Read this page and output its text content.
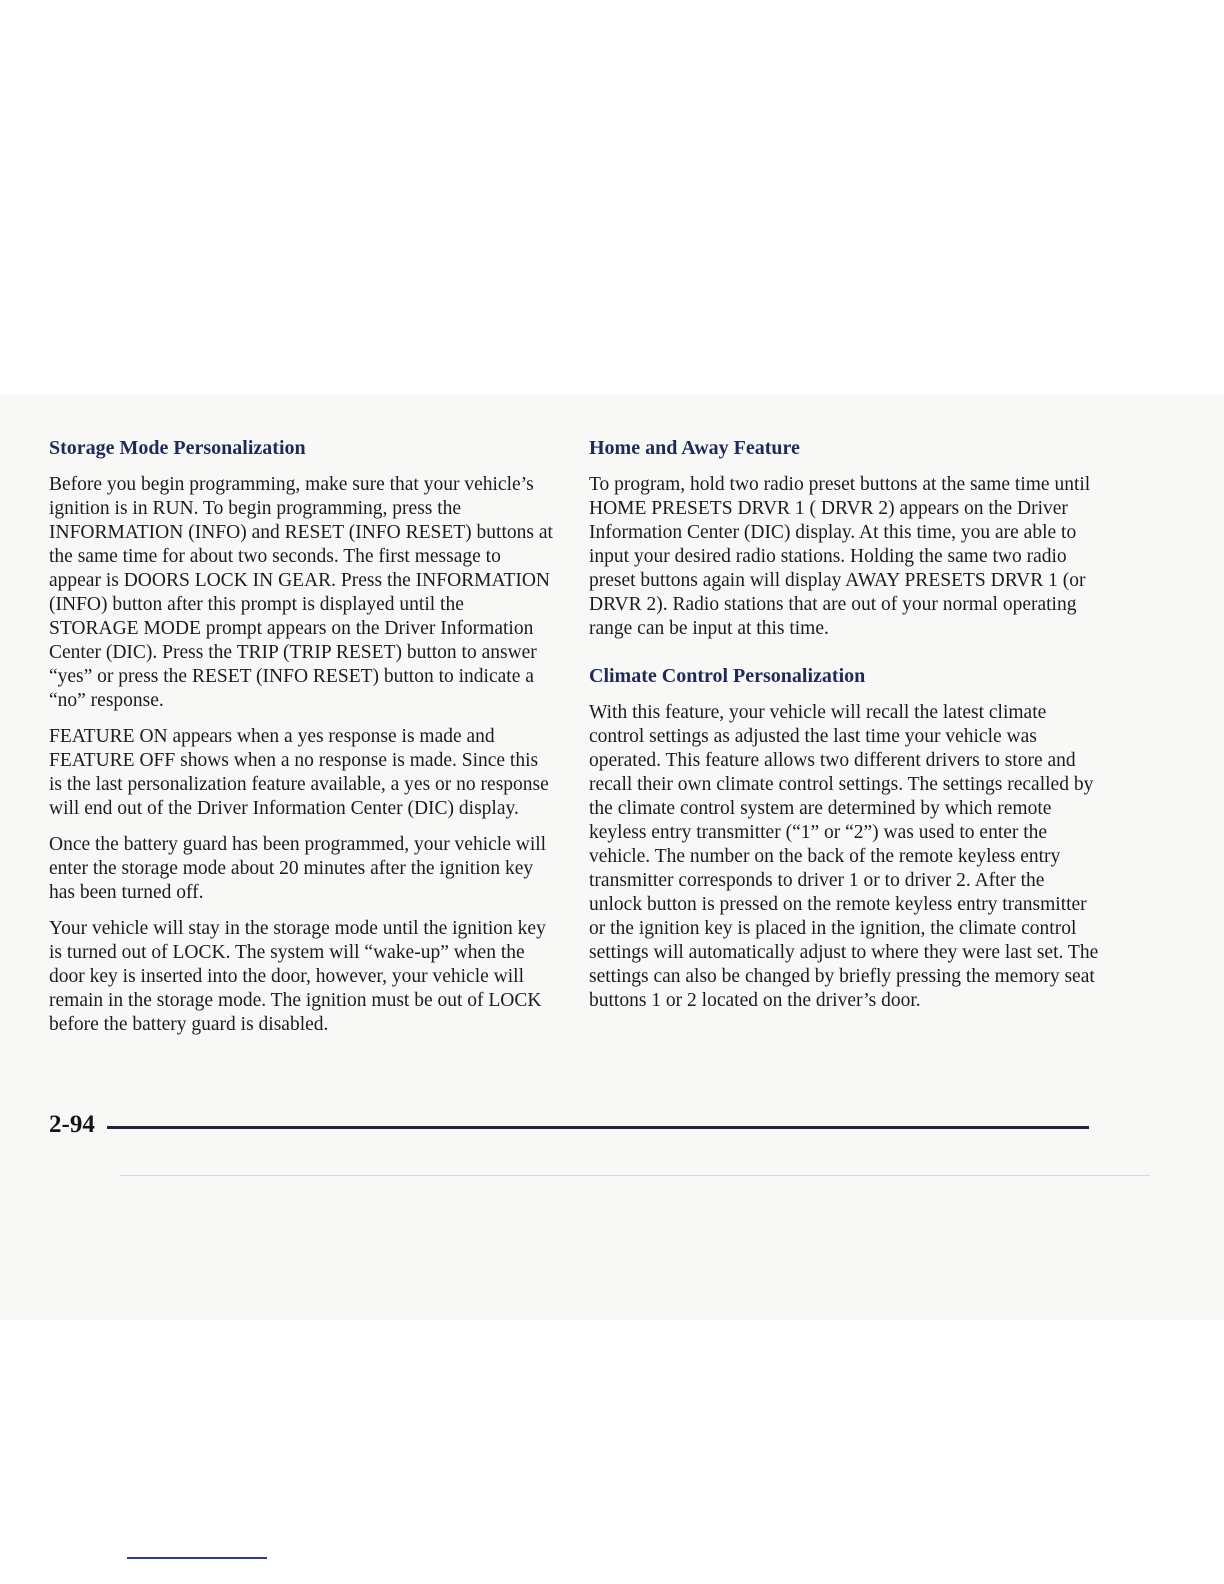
Storage Mode Personalization

Before you begin programming, make sure that your vehicle’s ignition is in RUN. To begin programming, press the INFORMATION (INFO) and RESET (INFO RESET) buttons at the same time for about two seconds. The first message to appear is DOORS LOCK IN GEAR. Press the INFORMATION (INFO) button after this prompt is displayed until the STORAGE MODE prompt appears on the Driver Information Center (DIC). Press the TRIP (TRIP RESET) button to answer “yes” or press the RESET (INFO RESET) button to indicate a “no” response.

FEATURE ON appears when a yes response is made and FEATURE OFF shows when a no response is made. Since this is the last personalization feature available, a yes or no response will end out of the Driver Information Center (DIC) display.

Once the battery guard has been programmed, your vehicle will enter the storage mode about 20 minutes after the ignition key has been turned off.

Your vehicle will stay in the storage mode until the ignition key is turned out of LOCK. The system will “wake-up” when the door key is inserted into the door, however, your vehicle will remain in the storage mode. The ignition must be out of LOCK before the battery guard is disabled.

Home and Away Feature

To program, hold two radio preset buttons at the same time until HOME PRESETS DRVR 1 ( DRVR 2) appears on the Driver Information Center (DIC) display. At this time, you are able to input your desired radio stations. Holding the same two radio preset buttons again will display AWAY PRESETS DRVR 1 (or DRVR 2). Radio stations that are out of your normal operating range can be input at this time.

Climate Control Personalization

With this feature, your vehicle will recall the latest climate control settings as adjusted the last time your vehicle was operated. This feature allows two different drivers to store and recall their own climate control settings. The settings recalled by the climate control system are determined by which remote keyless entry transmitter (“1” or “2”) was used to enter the vehicle. The number on the back of the remote keyless entry transmitter corresponds to driver 1 or to driver 2. After the unlock button is pressed on the remote keyless entry transmitter or the ignition key is placed in the ignition, the climate control settings will automatically adjust to where they were last set. The settings can also be changed by briefly pressing the memory seat buttons 1 or 2 located on the driver’s door.

2-94
